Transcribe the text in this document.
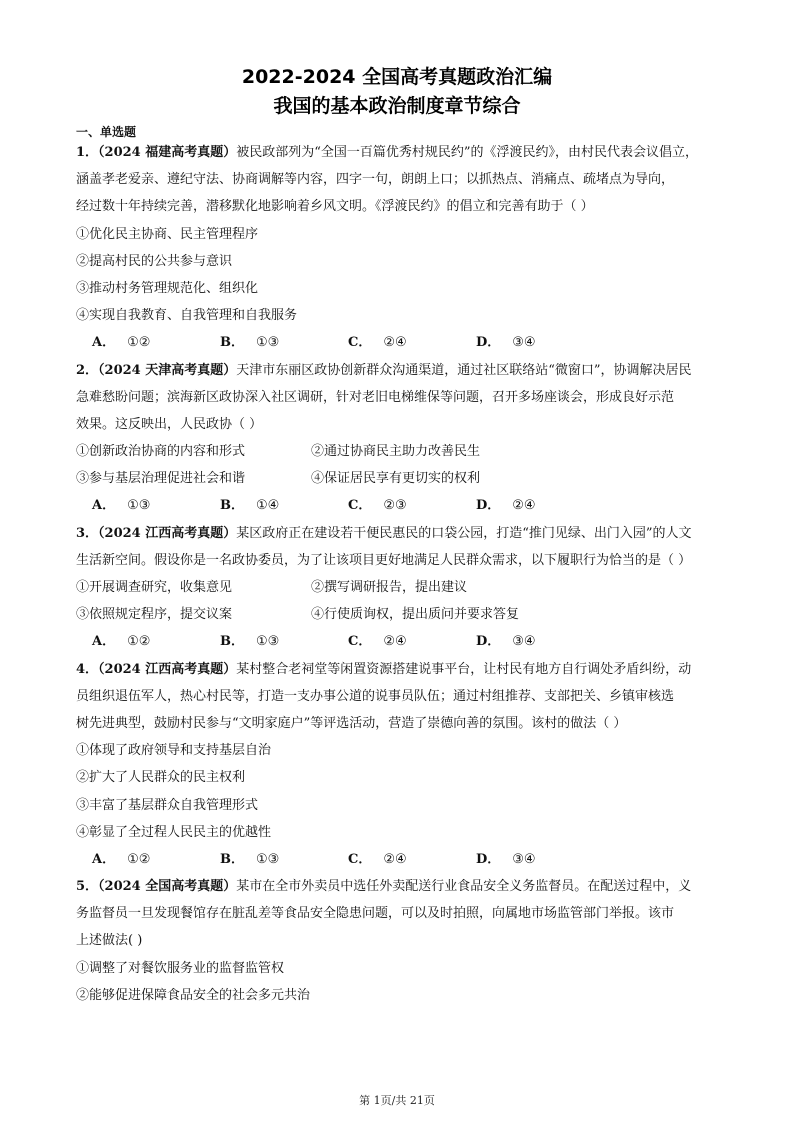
2022-2024 全国高考真题政治汇编
我国的基本政治制度章节综合
一、单选题
1．（2024 福建高考真题）被民政部列为“全国一百篇优秀村规民约”的《浮渡民约》，由村民代表会议倡立，
涵盖孝老爱亲、遵纪守法、协商调解等内容，四字一句，朗朗上口；以抓热点、消痛点、疏堵点为导向，
经过数十年持续完善，潜移默化地影响着乡风文明。《浮渡民约》的倡立和完善有助于（ ）
①优化民主协商、民主管理程序
②提高村民的公共参与意识
③推动村务管理规范化、组织化
④实现自我教育、自我管理和自我服务
A． ①②	B． ①③	C． ②④	D． ③④
2．（2024 天津高考真题）天津市东丽区政协创新群众沟通渠道，通过社区联络站“微窗口”，协调解决居民
急难愁盼问题；滨海新区政协深入社区调研，针对老旧电梯维保等问题，召开多场座谈会，形成良好示范
效果。这反映出，人民政协（ ）
①创新政治协商的内容和形式	②通过协商民主助力改善民生
③参与基层治理促进社会和谐	④保证居民享有更切实的权利
A． ①③	B． ①④	C． ②③	D． ②④
3．（2024 江西高考真题）某区政府正在建设若干便民惠民的口袋公园，打造“推门见绿、出门入园”的人文
生活新空间。假设你是一名政协委员，为了让该项目更好地满足人民群众需求，以下履职行为恰当的是（ ）
①开展调查研究，收集意见	②撰写调研报告，提出建议
③依照规定程序，提交议案	④行使质询权，提出质问并要求答复
A． ①②	B． ①③	C． ②④	D． ③④
4．（2024 江西高考真题）某村整合老祠堂等闲置资源搭建说事平台，让村民有地方自行调处矛盾纠纷，动
员组织退伍军人，热心村民等，打造一支办事公道的说事员队伍；通过村组推荐、支部把关、乡镇审核选
树先进典型，鼓励村民参与“文明家庭户”等评选活动，营造了崇德向善的氛围。该村的做法（ ）
①体现了政府领导和支持基层自治
②扩大了人民群众的民主权利
③丰富了基层群众自我管理形式
④彰显了全过程人民民主的优越性
A． ①②	B． ①③	C． ②④	D． ③④
5．（2024 全国高考真题）某市在全市外卖员中选任外卖配送行业食品安全义务监督员。在配送过程中，义
务监督员一旦发现餐馆存在脏乱差等食品安全隐患问题，可以及时拍照，向属地市场监管部门举报。该市
上述做法( )
①调整了对餐饮服务业的监督监管权
②能够促进保障食品安全的社会多元共治
第 1页/共 21页
